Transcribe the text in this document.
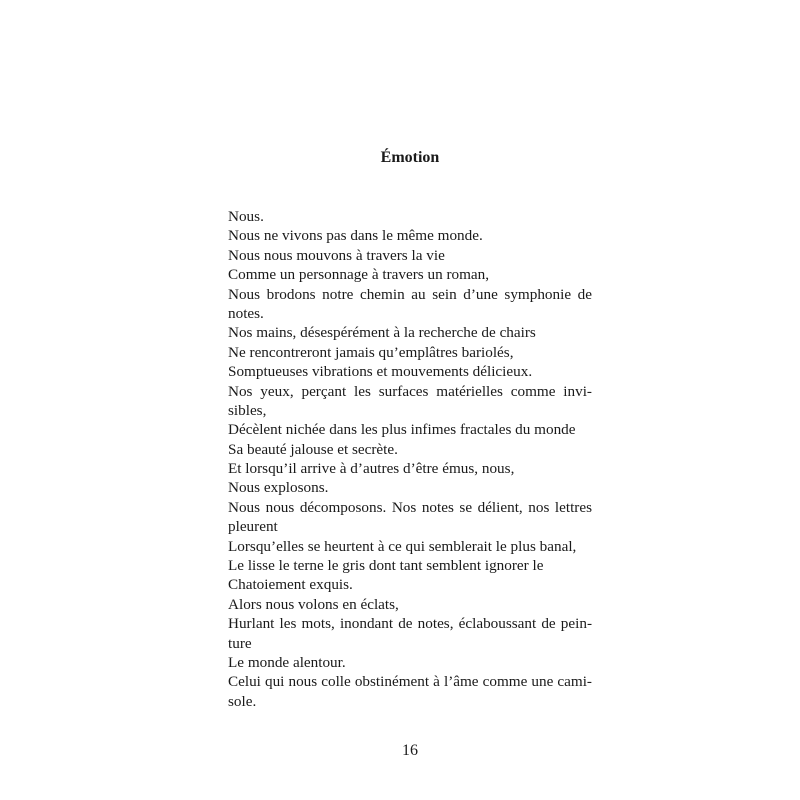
Émotion
Nous.
Nous ne vivons pas dans le même monde.
Nous nous mouvons à travers la vie
Comme un personnage à travers un roman,
Nous brodons notre chemin au sein d’une symphonie de
notes.
Nos mains, désespérément à la recherche de chairs
Ne rencontreront jamais qu’emplâtres bariolés,
Somptueuses vibrations et mouvements délicieux.
Nos yeux, perçant les surfaces matérielles comme invi-
sibles,
Décèlent nichée dans les plus infimes fractales du monde
Sa beauté jalouse et secrète.
Et lorsqu’il arrive à d’autres d’être émus, nous,
Nous explosons.
Nous nous décomposons. Nos notes se délient, nos lettres
pleurent
Lorsqu’elles se heurtent à ce qui semblerait le plus banal,
Le lisse le terne le gris dont tant semblent ignorer le
Chatoiement exquis.
Alors nous volons en éclats,
Hurlant les mots, inondant de notes, éclaboussant de pein-
ture
Le monde alentour.
Celui qui nous colle obstinément à l’âme comme une cami-
sole.
16
